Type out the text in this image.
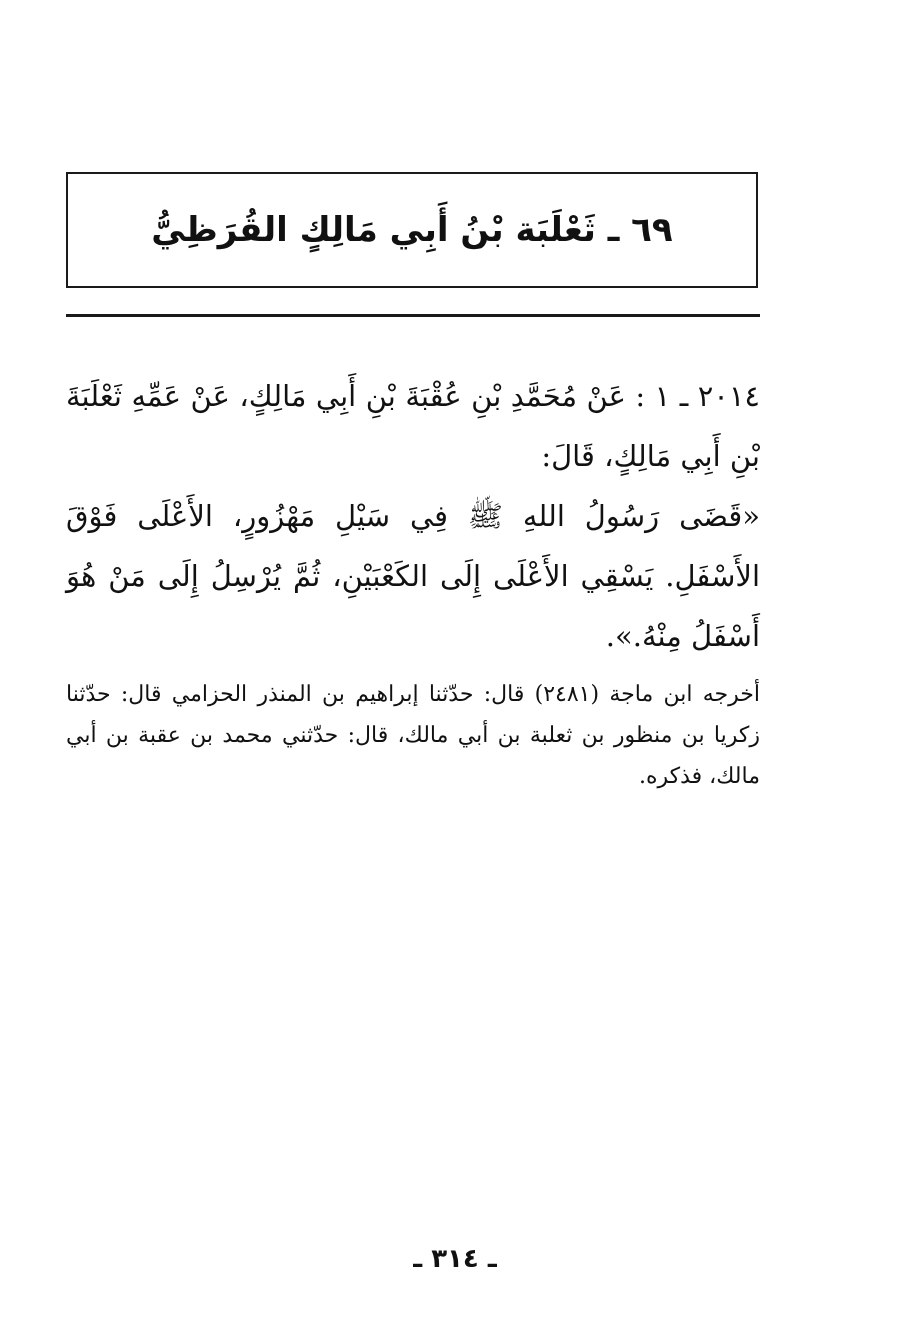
٦٩ ـ ثَعْلَبَة بْنُ أَبِي مَالِكٍ القُرَظِيُّ

٢٠١٤ ـ ١ : عَنْ مُحَمَّدِ بْنِ عُقْبَةَ بْنِ أَبِي مَالِكٍ، عَنْ عَمِّهِ ثَعْلَبَةَ بْنِ أَبِي مَالِكٍ، قَالَ:

«قَضَى رَسُولُ اللهِ ﷺ فِي سَيْلِ مَهْزُورٍ، الأَعْلَى فَوْقَ الأَسْفَلِ. يَسْقِي الأَعْلَى إِلَى الكَعْبَيْنِ، ثُمَّ يُرْسِلُ إِلَى مَنْ هُوَ أَسْفَلُ مِنْهُ.».

أخرجه ابن ماجة (٢٤٨١) قال: حدّثنا إبراهيم بن المنذر الحزامي قال: حدّثنا زكريا بن منظور بن ثعلبة بن أبي مالك، قال: حدّثني محمد بن عقبة بن أبي مالك، فذكره.

ـ ٣١٤ ـ
